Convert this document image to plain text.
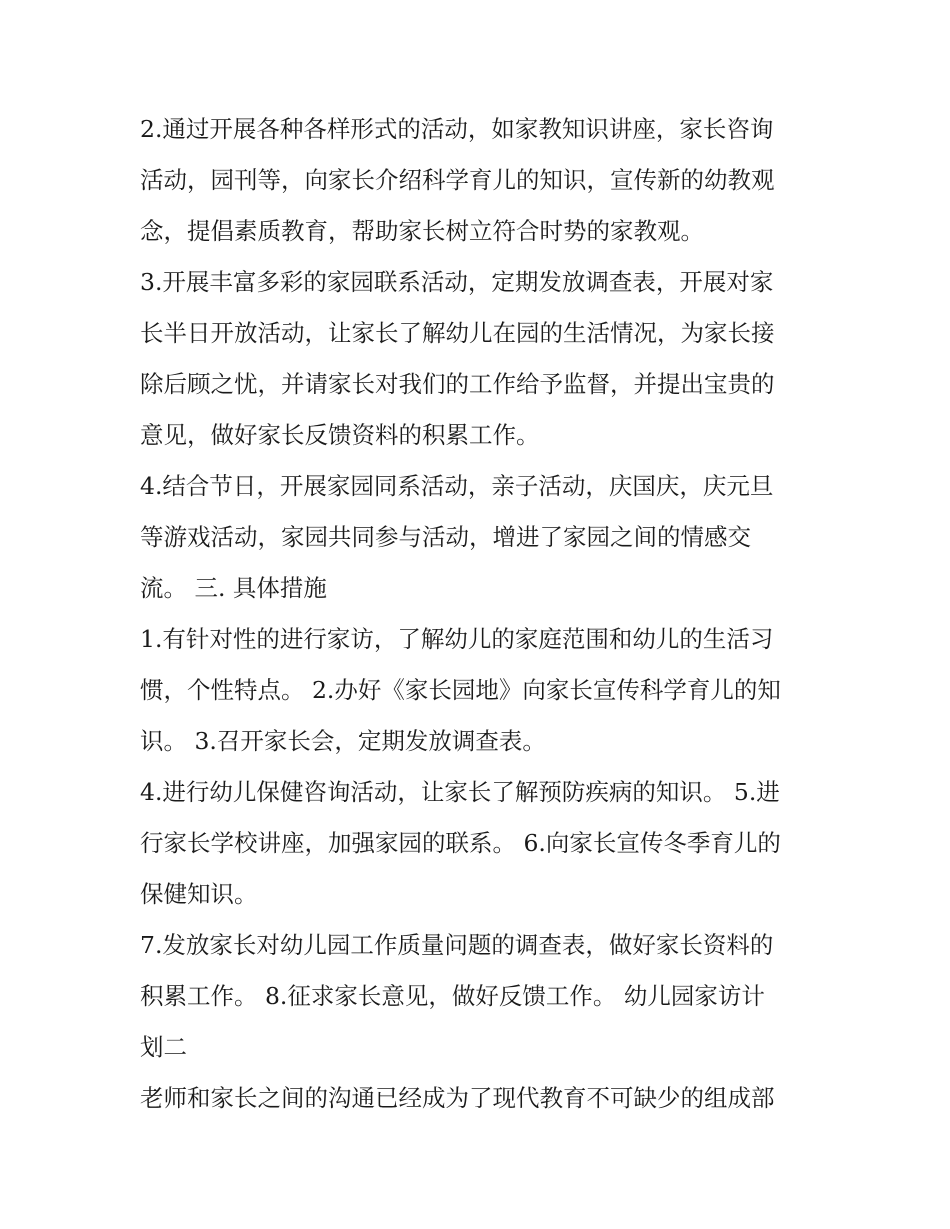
2.通过开展各种各样形式的活动，如家教知识讲座，家长咨询
活动，园刊等，向家长介绍科学育儿的知识，宣传新的幼教观
念，提倡素质教育，帮助家长树立符合时势的家教观。
3.开展丰富多彩的家园联系活动，定期发放调查表，开展对家
长半日开放活动，让家长了解幼儿在园的生活情况，为家长接
除后顾之忧，并请家长对我们的工作给予监督，并提出宝贵的
意见，做好家长反馈资料的积累工作。
4.结合节日，开展家园同系活动，亲子活动，庆国庆，庆元旦
等游戏活动，家园共同参与活动，增进了家园之间的情感交
流。 三. 具体措施
1.有针对性的进行家访，了解幼儿的家庭范围和幼儿的生活习
惯，个性特点。 2.办好《家长园地》向家长宣传科学育儿的知
识。 3.召开家长会，定期发放调查表。
4.进行幼儿保健咨询活动，让家长了解预防疾病的知识。 5.进
行家长学校讲座，加强家园的联系。 6.向家长宣传冬季育儿的
保健知识。
7.发放家长对幼儿园工作质量问题的调查表，做好家长资料的
积累工作。 8.征求家长意见，做好反馈工作。 幼儿园家访计
划二
老师和家长之间的沟通已经成为了现代教育不可缺少的组成部
